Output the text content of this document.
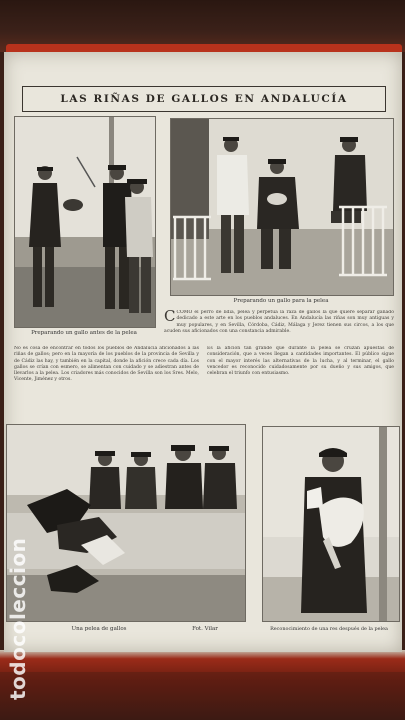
LAS RIÑAS DE GALLOS EN ANDALUCÍA
Preparando un gallo antes de la pelea
Preparando un gallo para la pelea
C COMO el perro de lidia, pelea y perpetúa la raza de gallos la que quiere separar ganado dedicado a este arte en los pueblos andaluces. En Andalucía las riñas son muy antiguas y muy populares, y en Sevilla, Córdoba, Cádiz, Málaga y Jerez tienen sus circos, a los que acuden sus aficionados con una constancia admirable.
No es cosa de encontrar en todos los pueblos de Andalucía aficionados a las riñas de gallos; pero en la mayoría de los pueblos de la provincia de Sevilla y de Cádiz las hay, y también en la capital, donde la afición crece cada día. Los gallos se crían con esmero, se alimentan con cuidado y se adiestran antes de llevarlos a la pelea. Los criadores más conocidos de Sevilla son los Sres. Melo, Vicente, Jiménez y otros.
Es la afición tan grande que durante la pelea se cruzan apuestas de consideración, que a veces llegan a cantidades importantes. El público sigue con el mayor interés las alternativas de la lucha, y al terminar, el gallo vencedor es reconocido cuidadosamente por su dueño y sus amigos, que celebran el triunfo con entusiasmo.
Una pelea de gallos	Fot. Vilar	Reconocimiento de una res después de la pelea
todocoleccion
